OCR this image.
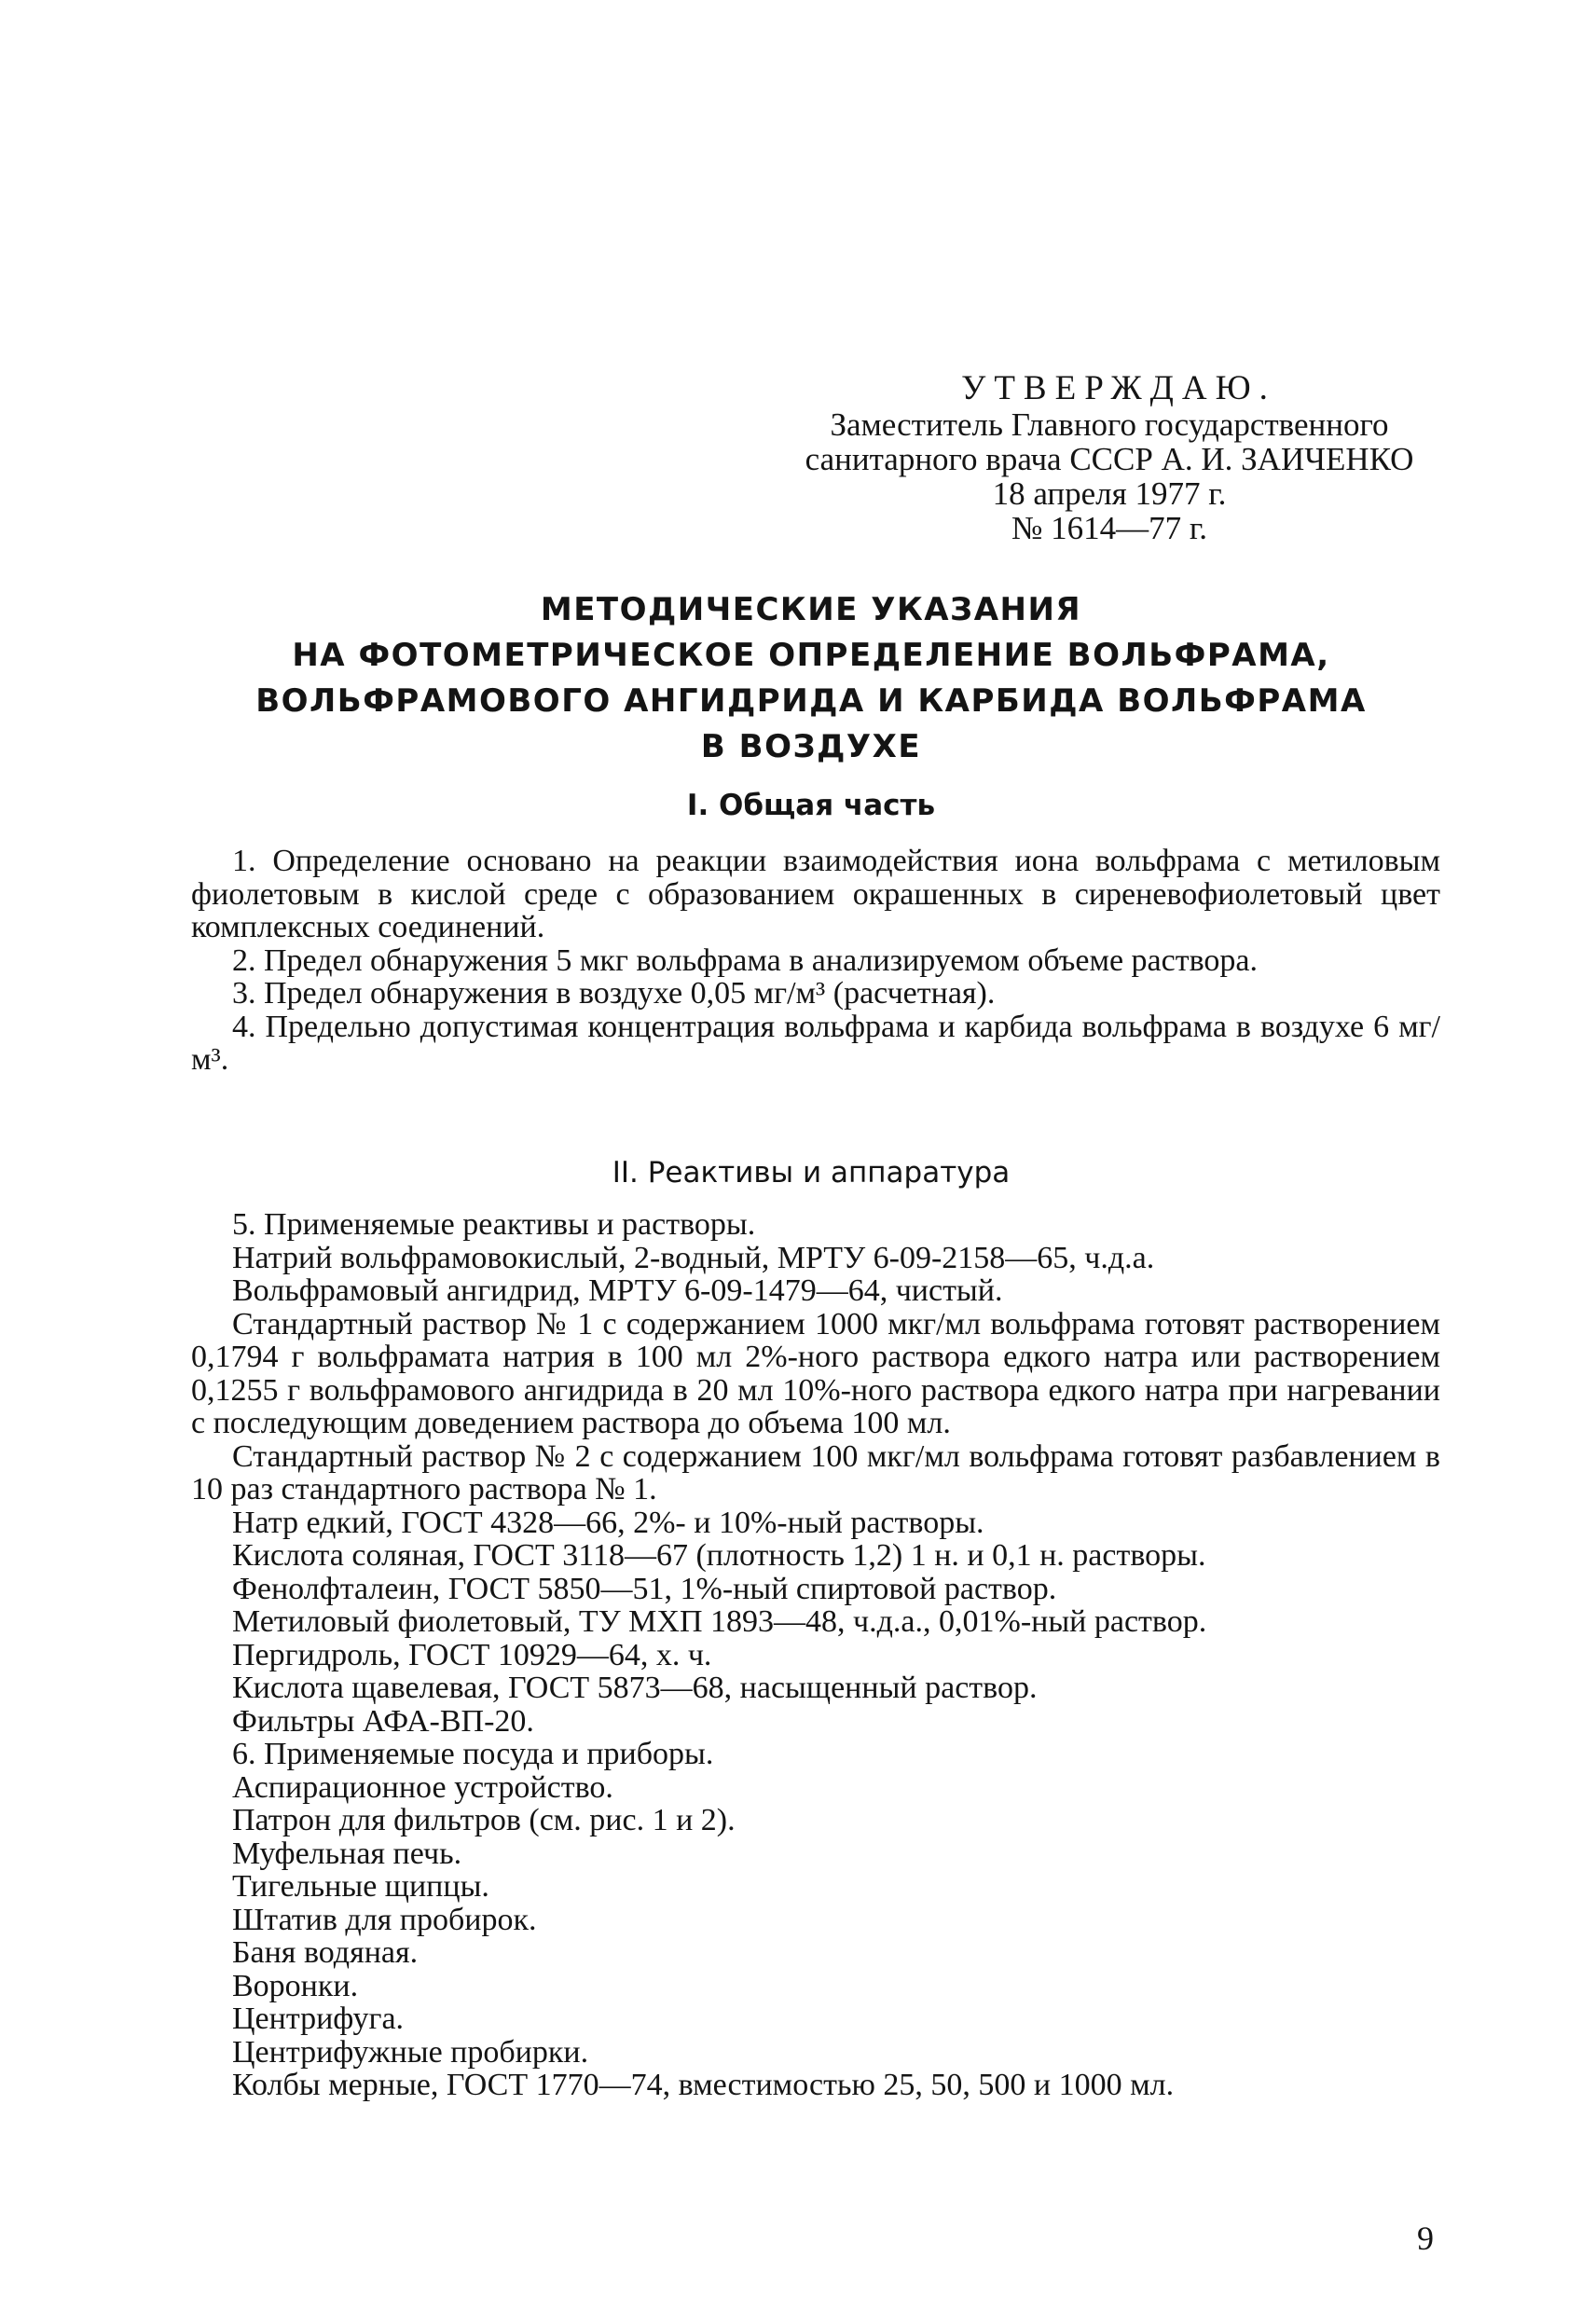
УТВЕРЖДАЮ.
Заместитель Главного государственного
санитарного врача СССР А. И. ЗАИЧЕНКО
18 апреля 1977 г.
№ 1614—77 г.
МЕТОДИЧЕСКИЕ УКАЗАНИЯ
НА ФОТОМЕТРИЧЕСКОЕ ОПРЕДЕЛЕНИЕ ВОЛЬФРАМА,
ВОЛЬФРАМОВОГО АНГИДРИДА И КАРБИДА ВОЛЬФРАМА
В ВОЗДУХЕ
I. Общая часть

1. Определение основано на реакции взаимодействия иона вольфрама с метиловым фиолетовым в кислой среде с образованием окрашенных в сиреневофиолетовый цвет комплексных соединений.

2. Предел обнаружения 5 мкг вольфрама в анализируемом объеме раствора.

3. Предел обнаружения в воздухе 0,05 мг/м³ (расчетная).

4. Предельно допустимая концентрация вольфрама и карбида вольфрама в воздухе 6 мг/м³.

II. Реактивы и аппаратура

5. Применяемые реактивы и растворы.

Натрий вольфрамовокислый, 2-водный, МРТУ 6-09-2158—65, ч.д.а.

Вольфрамовый ангидрид, МРТУ 6-09-1479—64, чистый.

Стандартный раствор № 1 с содержанием 1000 мкг/мл вольфрама готовят растворением 0,1794 г вольфрамата натрия в 100 мл 2%-ного раствора едкого натра или растворением 0,1255 г вольфрамового ангидрида в 20 мл 10%-ного раствора едкого натра при нагревании с последующим доведением раствора до объема 100 мл.

Стандартный раствор № 2 с содержанием 100 мкг/мл вольфрама готовят разбавлением в 10 раз стандартного раствора № 1.

Натр едкий, ГОСТ 4328—66, 2%- и 10%-ный растворы.

Кислота соляная, ГОСТ 3118—67 (плотность 1,2) 1 н. и 0,1 н. растворы.

Фенолфталеин, ГОСТ 5850—51, 1%-ный спиртовой раствор.

Метиловый фиолетовый, ТУ МХП 1893—48, ч.д.а., 0,01%-ный раствор.

Пергидроль, ГОСТ 10929—64, х. ч.

Кислота щавелевая, ГОСТ 5873—68, насыщенный раствор.

Фильтры АФА-ВП-20.

6. Применяемые посуда и приборы.

Аспирационное устройство.

Патрон для фильтров (см. рис. 1 и 2).

Муфельная печь.

Тигельные щипцы.

Штатив для пробирок.

Баня водяная.

Воронки.

Центрифуга.

Центрифужные пробирки.

Колбы мерные, ГОСТ 1770—74, вместимостью 25, 50, 500 и 1000 мл.

9
